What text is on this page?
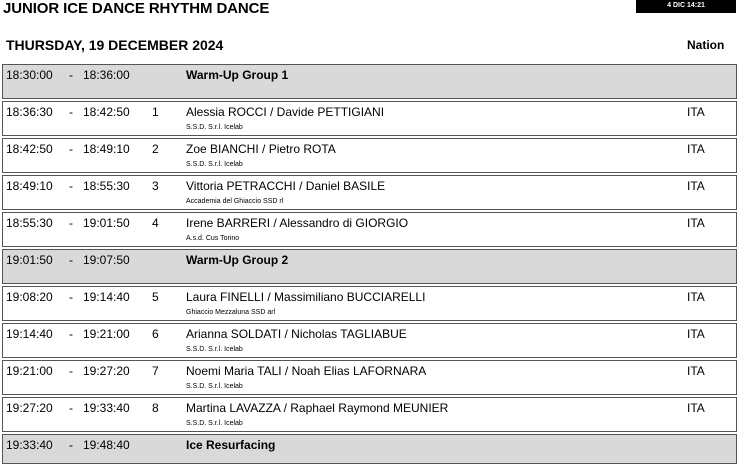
JUNIOR ICE DANCE RHYTHM DANCE	4 DIC 14:21
THURSDAY, 19 DECEMBER 2024	Nation
18:30:00 - 18:36:00	Warm-Up Group 1
18:36:30 - 18:42:50 1 Alessia ROCCI / Davide PETTIGIANI	ITA
S.S.D. S.r.l. Icelab
18:42:50 - 18:49:10 2 Zoe BIANCHI / Pietro ROTA	ITA
S.S.D. S.r.l. Icelab
18:49:10 - 18:55:30 3 Vittoria PETRACCHI / Daniel BASILE	ITA
Accademia del Ghiaccio SSD rl
18:55:30 - 19:01:50 4 Irene BARRERI / Alessandro di GIORGIO	ITA
A.s.d. Cus Torino
19:01:50 - 19:07:50	Warm-Up Group 2
19:08:20 - 19:14:40 5 Laura FINELLI / Massimiliano BUCCIARELLI	ITA
Ghiaccio Mezzaluna SSD arl
19:14:40 - 19:21:00 6 Arianna SOLDATI / Nicholas TAGLIABUE	ITA
S.S.D. S.r.l. Icelab
19:21:00 - 19:27:20 7 Noemi Maria TALI / Noah Elias LAFORNARA	ITA
S.S.D. S.r.l. Icelab
19:27:20 - 19:33:40 8 Martina LAVAZZA / Raphael Raymond MEUNIER	ITA
S.S.D. S.r.l. Icelab
19:33:40 - 19:48:40	Ice Resurfacing
